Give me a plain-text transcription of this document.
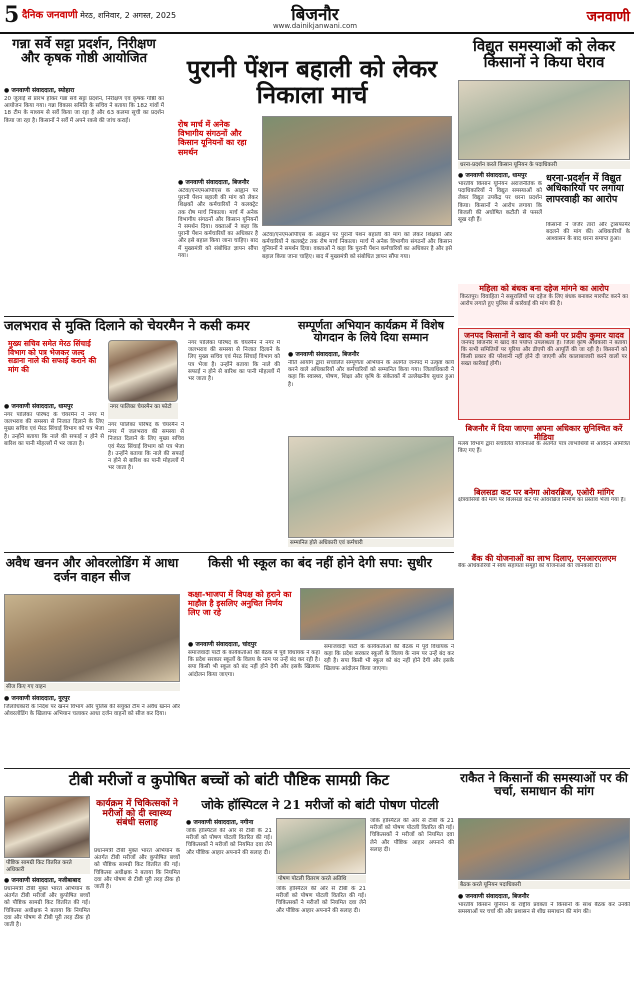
5 दैनिक जनवाणी मेरठ, शनिवार, 2 अगस्त, 2025	बिजनौर
www.dainikjanwani.com
जनवाणी
गन्ना सर्वे सट्टा प्रदर्शन, निरीक्षण और कृषक गोष्ठी आयोजित
● जनवाणी संवाददाता, स्योहारा
20 जुलाई से प्रारंभ होकर गन्ना सर्वे सट्टा प्रदर्शन, निरीक्षण एवं कृषक गोष्ठी का आयोजन किया गया। गन्ना विकास समिति के सचिव ने बताया कि 182 गांवों में 18 टीम के माध्यम से सर्वे किया जा रहा है और 63 कलमा सूची का प्रदर्शन किया जा रहा है। किसानों ने सर्वे में अपने रकबे की जांच कराई।
पुरानी पेंशन बहाली को लेकर निकाला मार्च
रोष मार्च में अनेक विभागीय संगठनों और किसान यूनियनों का रहा समर्थन
● जनवाणी संवाददाता, बिजनौर
अटेवा/एनएमओपीएस के आह्वान पर पुरानी पेंशन बहाली की मांग को लेकर शिक्षकों और कर्मचारियों ने कलक्ट्रेट तक रोष मार्च निकाला। मार्च में अनेक विभागीय संगठनों और किसान यूनियनों ने समर्थन दिया। वक्ताओं ने कहा कि पुरानी पेंशन कर्मचारियों का अधिकार है और इसे बहाल किया जाना चाहिए। बाद में मुख्यमंत्री को संबोधित ज्ञापन सौंपा गया।
अटेवा/एनएमओपीएस के आह्वान पर पुरानी पेंशन बहाली की मांग को लेकर शिक्षकों और कर्मचारियों ने कलक्ट्रेट तक रोष मार्च निकाला। मार्च में अनेक विभागीय संगठनों और किसान यूनियनों ने समर्थन दिया। वक्ताओं ने कहा कि पुरानी पेंशन कर्मचारियों का अधिकार है और इसे बहाल किया जाना चाहिए। बाद में मुख्यमंत्री को संबोधित ज्ञापन सौंपा गया।
विद्युत समस्याओं को लेकर किसानों ने किया घेराव
धरना-प्रदर्शन करते किसान यूनियन के पदाधिकारी
● जनवाणी संवाददाता, धामपुर
भारतीय किसान यूनियन अराजनैतिक के पदाधिकारियों ने विद्युत समस्याओं को लेकर विद्युत उपकेंद्र पर धरना प्रदर्शन किया। किसानों ने आरोप लगाया कि बिजली की अघोषित कटौती से फसलें सूख रही हैं।
धरना-प्रदर्शन में विद्युत अधिकारियों पर लगाया लापरवाही का आरोप
किसानों ने जर्जर तारों और ट्रांसफार्मर बदलने की मांग की। अधिकारियों के आश्वासन के बाद धरना समाप्त हुआ।
महिला को बंधक बना दहेज मांगने का आरोप
किरतपुर। विवाहिता ने ससुरालियों पर दहेज के लिए बंधक बनाकर मारपीट करने का आरोप लगाते हुए पुलिस से कार्रवाई की मांग की है।
जनपद किसानों ने खाद की कमी पर प्रदीप कुमार यादव
जनपद बिजनौर में खाद की पर्याप्त उपलब्धता है। जिला कृषि अधिकारी ने बताया कि सभी समितियों पर यूरिया और डीएपी की आपूर्ति की जा रही है। किसानों को किसी प्रकार की परेशानी नहीं होने दी जाएगी और कालाबाजारी करने वालों पर सख्त कार्रवाई होगी।
बिजनौर में दिया जाएगा अपना अधिकार सुनिश्चित करें मीडिया
मत्स्य विभाग द्वारा संचालित योजनाओं के अंतर्गत पात्र लाभार्थियों से आवेदन आमंत्रित किए गए हैं।
बिलसडा कट पर बनेगा ओवरब्रिज, एओरी मांगिर
क्षेत्रवासियों की मांग पर बिलसडा कट पर ओवरब्रिज निर्माण का प्रस्ताव भेजा गया है।
बैंक की योजनाओं का लाभ दिलाए, एनआरएलएम
बैंक अधिकारियों ने स्वयं सहायता समूहों को योजनाओं की जानकारी दी।
जलभराव से मुक्ति दिलाने को चेयरमैन ने कसी कमर
मुख्य सचिव समेत मेरठ सिंचाई विभाग को पत्र भेजकर जल्द सडाना नाले की सफाई कराने की मांग की
नगर पालिका चेयरमैन का फोटो
● जनवाणी संवाददाता, धामपुर
नगर पालिका परिषद के चेयरमैन ने नगर में जलभराव की समस्या से निजात दिलाने के लिए मुख्य सचिव एवं मेरठ सिंचाई विभाग को पत्र भेजा है। उन्होंने बताया कि नाले की सफाई न होने से बारिश का पानी मोहल्लों में भर जाता है।
नगर पालिका परिषद के चेयरमैन ने नगर में जलभराव की समस्या से निजात दिलाने के लिए मुख्य सचिव एवं मेरठ सिंचाई विभाग को पत्र भेजा है। उन्होंने बताया कि नाले की सफाई न होने से बारिश का पानी मोहल्लों में भर जाता है।
नगर पालिका परिषद के चेयरमैन ने नगर में जलभराव की समस्या से निजात दिलाने के लिए मुख्य सचिव एवं मेरठ सिंचाई विभाग को पत्र भेजा है। उन्होंने बताया कि नाले की सफाई न होने से बारिश का पानी मोहल्लों में भर जाता है।
सम्पूर्णता अभियान कार्यक्रम में विशेष योगदान के लिये दिया सम्मान
● जनवाणी संवाददाता, बिजनौर
नीति आयोग द्वारा संचालित सम्पूर्णता अभियान के अंतर्गत जनपद में उत्कृष्ट कार्य करने वाले अधिकारियों और कर्मचारियों को सम्मानित किया गया। जिलाधिकारी ने कहा कि स्वास्थ्य, पोषण, शिक्षा और कृषि के संकेतकों में उल्लेखनीय सुधार हुआ है।
सम्मानित होते अधिकारी एवं कर्मचारी
अवैध खनन और ओवरलोडिंग में आधा दर्जन वाहन सीज
सीज किए गए वाहन
● जनवाणी संवाददाता, नूरपुर
जिलाधिकारी के निर्देश पर खनन विभाग और पुलिस की संयुक्त टीम ने अवैध खनन और ओवरलोडिंग के खिलाफ अभियान चलाकर आधा दर्जन वाहनों को सीज कर दिया।
किसी भी स्कूल का बंद नहीं होने देगी सपा: सुधीर
कक्षा-भाजपा में विपक्ष को हराने का माहौल है इसलिए अनुचित निर्णय लिए जा रहे
● जनवाणी संवाददाता, चांदपुर
समाजवादी पार्टी के कार्यकर्ताओं की बैठक में पूर्व विधायक ने कहा कि प्रदेश सरकार स्कूलों के विलय के नाम पर उन्हें बंद कर रही है। सपा किसी भी स्कूल को बंद नहीं होने देगी और इसके खिलाफ आंदोलन किया जाएगा।
समाजवादी पार्टी के कार्यकर्ताओं की बैठक में पूर्व विधायक ने कहा कि प्रदेश सरकार स्कूलों के विलय के नाम पर उन्हें बंद कर रही है। सपा किसी भी स्कूल को बंद नहीं होने देगी और इसके खिलाफ आंदोलन किया जाएगा।
राकैत ने किसानों की समस्याओं पर की चर्चा, समाधान की मांग
बैठक करते यूनियन पदाधिकारी
● जनवाणी संवाददाता, बिजनौर
भारतीय किसान यूनियन के राष्ट्रीय प्रवक्ता ने किसानों के साथ बैठक कर उनकी समस्याओं पर चर्चा की और प्रशासन से शीघ्र समाधान की मांग की।
टीबी मरीजों व कुपोषित बच्चों को बांटी पौष्टिक सामग्री किट
पौष्टिक सामग्री किट वितरित करते अधिकारी
● जनवाणी संवाददाता, नजीबाबाद
प्रधानमंत्री टीबी मुक्त भारत अभियान के अंतर्गत टीबी मरीजों और कुपोषित बच्चों को पौष्टिक सामग्री किट वितरित की गई। चिकित्सा अधीक्षक ने बताया कि नियमित दवा और पोषण से टीबी पूरी तरह ठीक हो जाती है।
कार्यक्रम में चिकित्सकों ने मरीजों को दी स्वास्थ्य संबंधी सलाह
प्रधानमंत्री टीबी मुक्त भारत अभियान के अंतर्गत टीबी मरीजों और कुपोषित बच्चों को पौष्टिक सामग्री किट वितरित की गई। चिकित्सा अधीक्षक ने बताया कि नियमित दवा और पोषण से टीबी पूरी तरह ठीक हो जाती है।
जोके हॉस्पिटल ने 21 मरीजों को बांटी पोषण पोटली
● जनवाणी संवाददाता, नगीना
जोके हॉस्पिटल की ओर से टीबी के 21 मरीजों को पोषण पोटली वितरित की गई। चिकित्सकों ने मरीजों को नियमित दवा लेने और पौष्टिक आहार अपनाने की सलाह दी।
पोषण पोटली वितरण करते अतिथि
जोके हॉस्पिटल की ओर से टीबी के 21 मरीजों को पोषण पोटली वितरित की गई। चिकित्सकों ने मरीजों को नियमित दवा लेने और पौष्टिक आहार अपनाने की सलाह दी।
जोके हॉस्पिटल की ओर से टीबी के 21 मरीजों को पोषण पोटली वितरित की गई। चिकित्सकों ने मरीजों को नियमित दवा लेने और पौष्टिक आहार अपनाने की सलाह दी।
